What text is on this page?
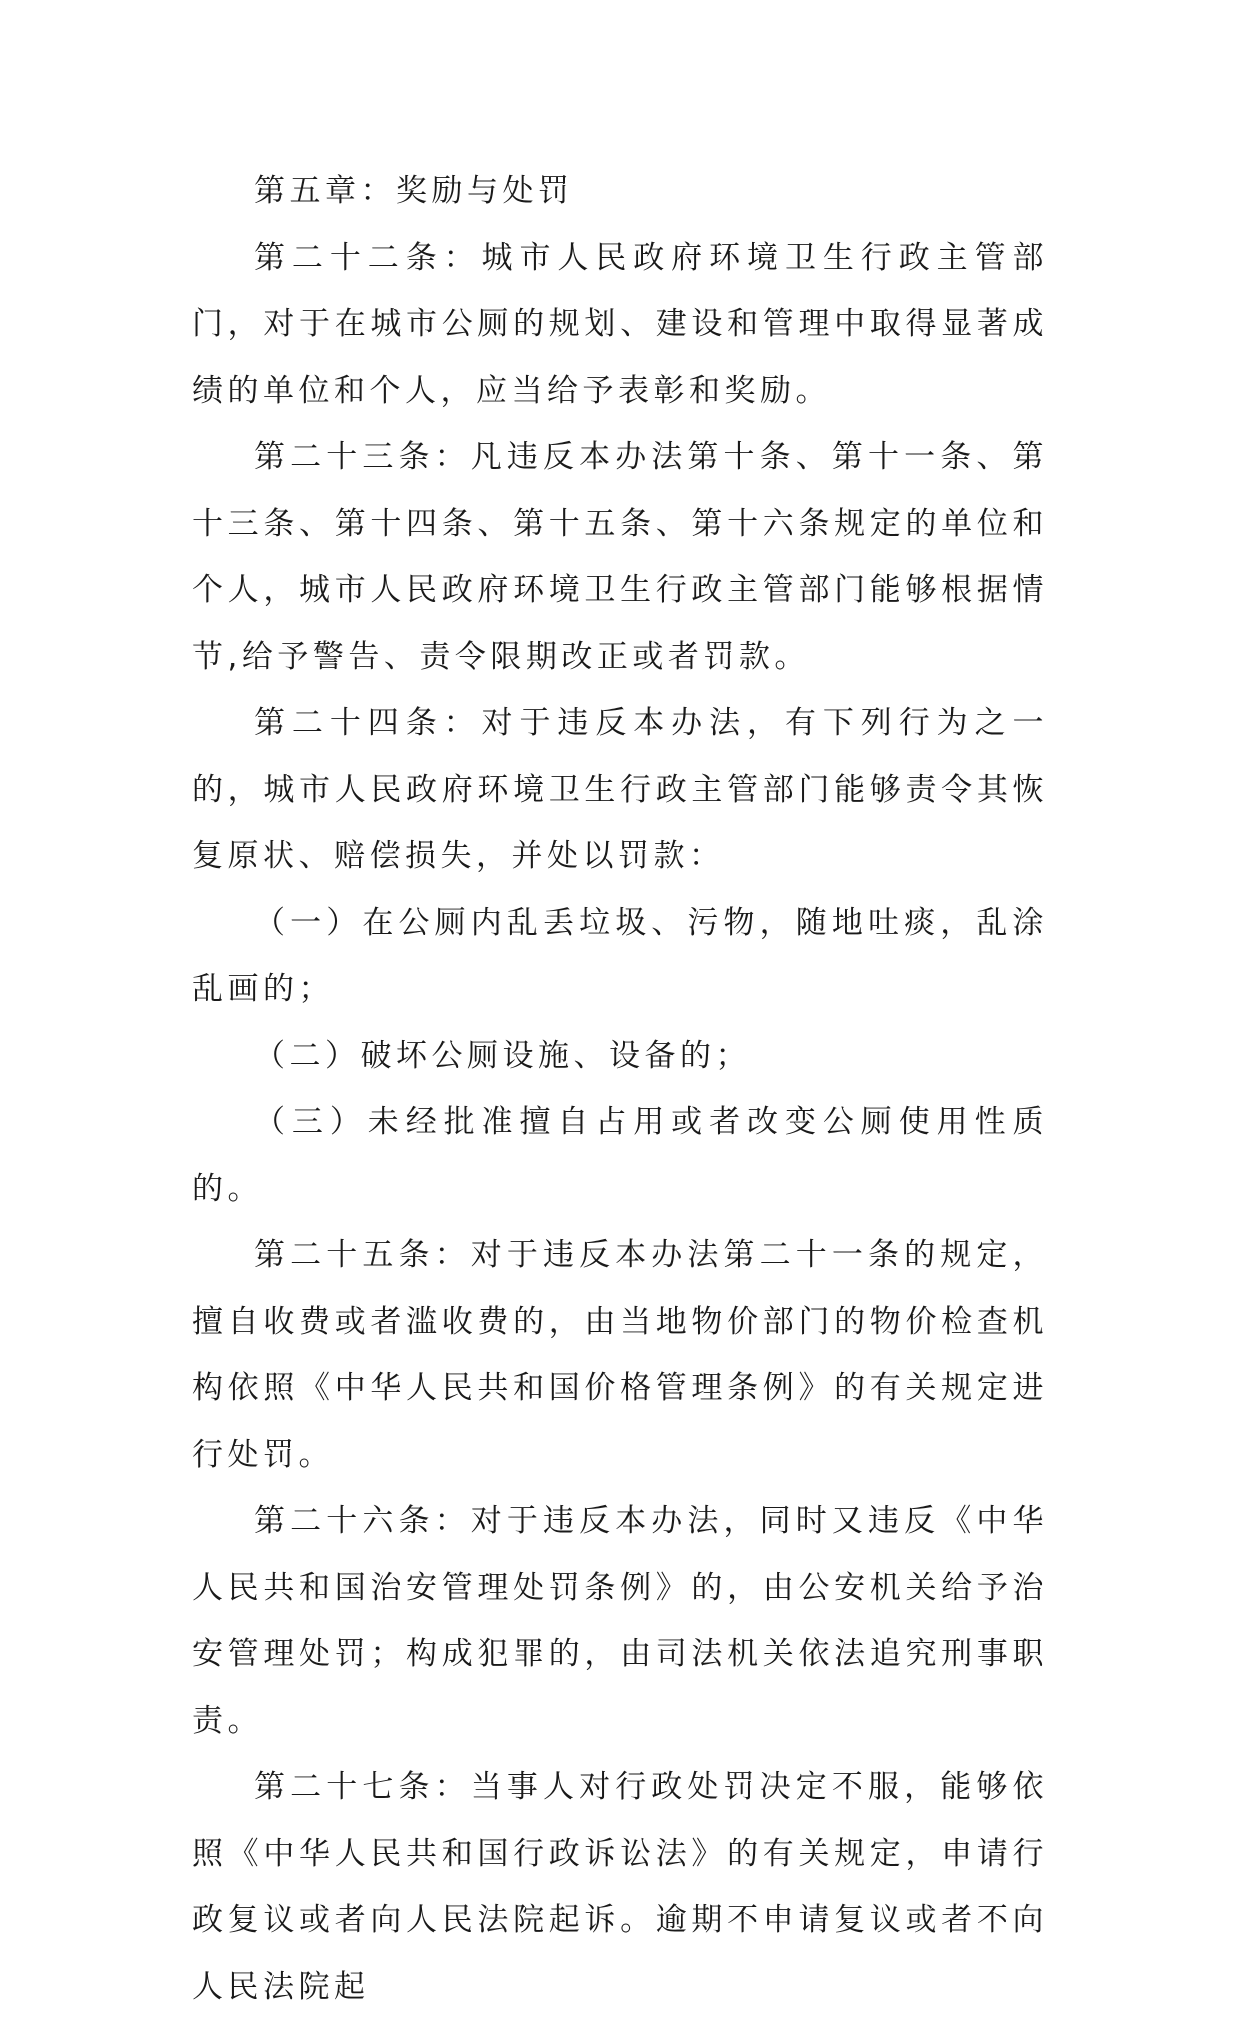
第五章：奖励与处罚

第二十二条：城市人民政府环境卫生行政主管部门，对于在城市公厕的规划、建设和管理中取得显著成绩的单位和个人，应当给予表彰和奖励。

第二十三条：凡违反本办法第十条、第十一条、第十三条、第十四条、第十五条、第十六条规定的单位和个人，城市人民政府环境卫生行政主管部门能够根据情节,给予警告、责令限期改正或者罚款。

第二十四条：对于违反本办法，有下列行为之一的，城市人民政府环境卫生行政主管部门能够责令其恢复原状、赔偿损失，并处以罚款：

（一）在公厕内乱丢垃圾、污物，随地吐痰，乱涂乱画的；

（二）破坏公厕设施、设备的；

（三）未经批准擅自占用或者改变公厕使用性质的。

第二十五条：对于违反本办法第二十一条的规定，擅自收费或者滥收费的，由当地物价部门的物价检查机构依照《中华人民共和国价格管理条例》的有关规定进行处罚。

第二十六条：对于违反本办法，同时又违反《中华人民共和国治安管理处罚条例》的，由公安机关给予治安管理处罚；构成犯罪的，由司法机关依法追究刑事职责。

第二十七条：当事人对行政处罚决定不服，能够依照《中华人民共和国行政诉讼法》的有关规定，申请行政复议或者向人民法院起诉。逾期不申请复议或者不向人民法院起
